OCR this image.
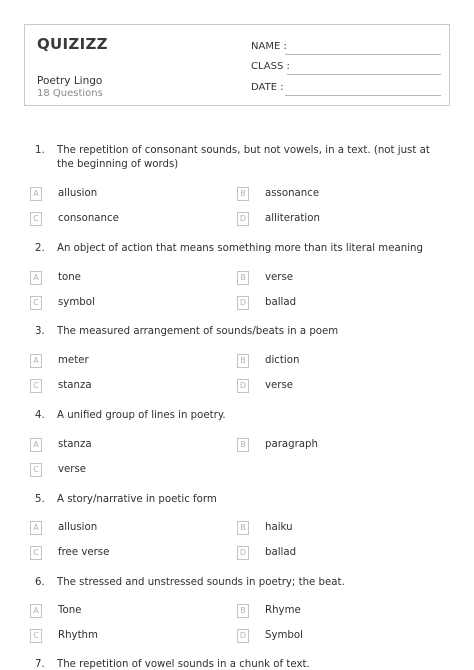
QUIZIZZ
Poetry Lingo
18 Questions
NAME :
CLASS :
DATE :
1.	The repetition of consonant sounds, but not vowels, in a text. (not just at the beginning of words)
A	allusion	B	assonance
C	consonance	D alliteration
2.	An object of action that means something more than its literal meaning
A	tone	B	verse
C	symbol	D ballad
3.	The measured arrangement of sounds/beats in a poem
A	meter	B	diction
C	stanza	D verse
4.	A unified group of lines in poetry.
A	stanza	B	paragraph
C	verse
5.	A story/narrative in poetic form
A	allusion	B	haiku
C	free verse	D ballad
6.	The stressed and unstressed sounds in poetry; the beat.
A	Tone	B	Rhyme
C	Rhythm	D Symbol
7.	The repetition of vowel sounds in a chunk of text.
